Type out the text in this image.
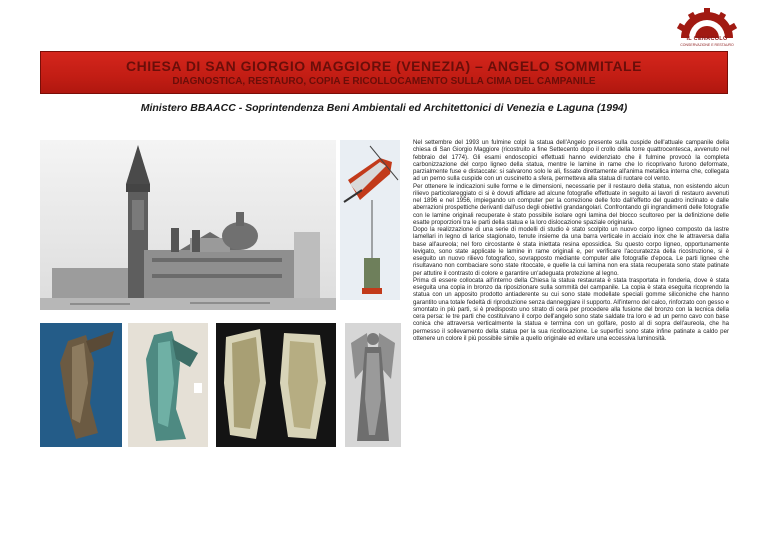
IL CENACOLO
CONSERVAZIONE E RESTAURO
CHIESA DI SAN GIORGIO MAGGIORE (VENEZIA) – ANGELO SOMMITALE
DIAGNOSTICA, RESTAURO, COPIA E RICOLLOCAMENTO SULLA CIMA DEL CAMPANILE
Ministero BBAACC - Soprintendenza Beni Ambientali ed Architettonici di Venezia e Laguna (1994)

Nel settembre del 1993 un fulmine colpì la statua dell'Angelo presente sulla cuspide dell'attuale campanile della chiesa di San Giorgio Maggiore (ricostruito a fine Settecento dopo il crollo della torre quattrocentesca, avvenuto nel febbraio del 1774). Gli esami endoscopici effettuati hanno evidenziato che il fulmine provocò la completa carbonizzazione del corpo ligneo della statua, mentre le lamine in rame che lo ricoprivano furono deformate, parzialmente fuse e distaccate: si salvarono solo le ali, fissate direttamente all'anima metallica interna che, collegata ad un perno sulla cuspide con un cuscinetto a sfera, permetteva alla statua di ruotare col vento.

Per ottenere le indicazioni sulle forme e le dimensioni, necessarie per il restauro della statua, non esistendo alcun rilievo particolareggiato ci si è dovuti affidare ad alcune fotografie effettuate in seguito ai lavori di restauro avvenuti nel 1896 e nel 1956, impiegando un computer per la correzione delle foto dall'effetto del quadro inclinato e dalle aberrazioni prospettiche derivanti dall'uso degli obiettivi grandangolari. Confrontando gli ingrandimenti delle fotografie con le lamine originali recuperate è stato possibile isolare ogni lamina del blocco scultoreo per la definizione delle esatte proporzioni tra le parti della statua e la loro dislocazione spaziale originaria.

Dopo la realizzazione di una serie di modelli di studio è stato scolpito un nuovo corpo ligneo composto da lastre lamellari in legno di larice stagionato, tenute insieme da una barra verticale in acciaio inox che le attraversa dalla base all'aureola; nel foro circostante è stata iniettata resina epossidica. Su questo corpo ligneo, opportunamente levigato, sono state applicate le lamine in rame originali e, per verificare l'accuratezza della ricostruzione, si è eseguito un nuovo rilievo fotografico, sovrapposto mediante computer alle fotografie d'epoca. Le parti lignee che risultavano non combaciare sono state ritoccate, e quelle la cui lamina non era stata recuperata sono state patinate per attutire il contrasto di colore e garantire un'adeguata protezione al legno.

Prima di essere collocata all'interno della Chiesa la statua restaurata è stata trasportata in fonderia, dove è stata eseguita una copia in bronzo da riposizionare sulla sommità del campanile. La copia è stata eseguita ricoprendo la statua con un apposito prodotto antiaderente su cui sono state modellate speciali gomme siliconiche che hanno garantito una totale fedeltà di riproduzione senza danneggiare il supporto. All'interno del calco, rinforzato con gesso e smontato in più parti, si è predisposto uno strato di cera per procedere alla fusione del bronzo con la tecnica della cera persa: le tre parti che costituivano il corpo dell'angelo sono state saldate tra loro e ad un perno cavo con base conica che attraversa verticalmente la statua e termina con un golfare, posto al di sopra dell'aureola, che ha permesso il sollevamento della statua per la sua ricollocazione. Le superfici sono state infine patinate a caldo per ottenere un colore il più possibile simile a quello originale ed evitare una eccessiva luminosità.
